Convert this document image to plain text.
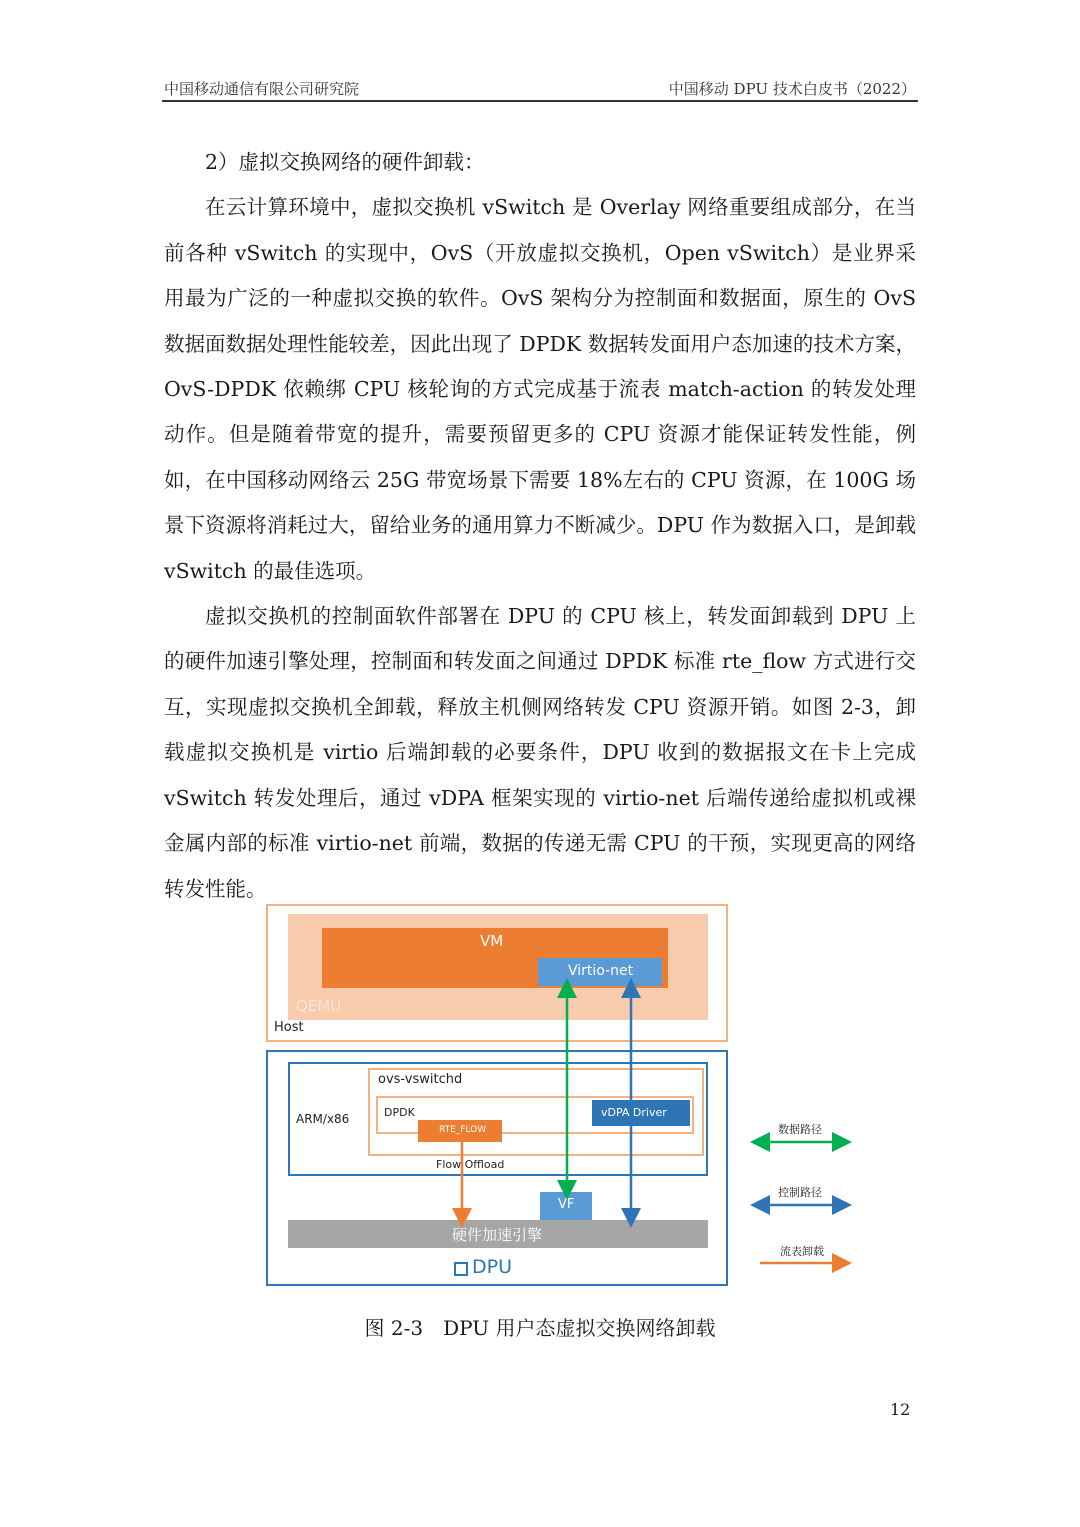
中国移动通信有限公司研究院	中国移动 DPU 技术白皮书（2022）

2）虚拟交换网络的硬件卸载：

在云计算环境中，虚拟交换机 vSwitch 是 Overlay 网络重要组成部分，在当前各种 vSwitch 的实现中，OvS（开放虚拟交换机，Open vSwitch）是业界采用最为广泛的一种虚拟交换的软件。OvS 架构分为控制面和数据面，原生的 OvS 数据面数据处理性能较差，因此出现了 DPDK 数据转发面用户态加速的技术方案，OvS-DPDK 依赖绑 CPU 核轮询的方式完成基于流表 match-action 的转发处理动作。但是随着带宽的提升，需要预留更多的 CPU 资源才能保证转发性能，例如，在中国移动网络云 25G 带宽场景下需要 18%左右的 CPU 资源，在 100G 场景下资源将消耗过大，留给业务的通用算力不断减少。DPU 作为数据入口，是卸载 vSwitch 的最佳选项。

虚拟交换机的控制面软件部署在 DPU 的 CPU 核上，转发面卸载到 DPU 上的硬件加速引擎处理，控制面和转发面之间通过 DPDK 标准 rte_flow 方式进行交互，实现虚拟交换机全卸载，释放主机侧网络转发 CPU 资源开销。如图 2-3，卸载虚拟交换机是 virtio 后端卸载的必要条件，DPU 收到的数据报文在卡上完成 vSwitch 转发处理后，通过 vDPA 框架实现的 virtio-net 后端传递给虚拟机或裸金属内部的标准 virtio-net 前端，数据的传递无需 CPU 的干预，实现更高的网络转发性能。

VM
Virtio-net
QEMU
Host
ARM/x86
ovs-vswitchd
DPDK
RTE_FLOW
vDPA Driver
Flow Offload
VF
硬件加速引擎
DPU
数据路径
控制路径
流表卸载
图 2-3　DPU 用户态虚拟交换网络卸载
12
